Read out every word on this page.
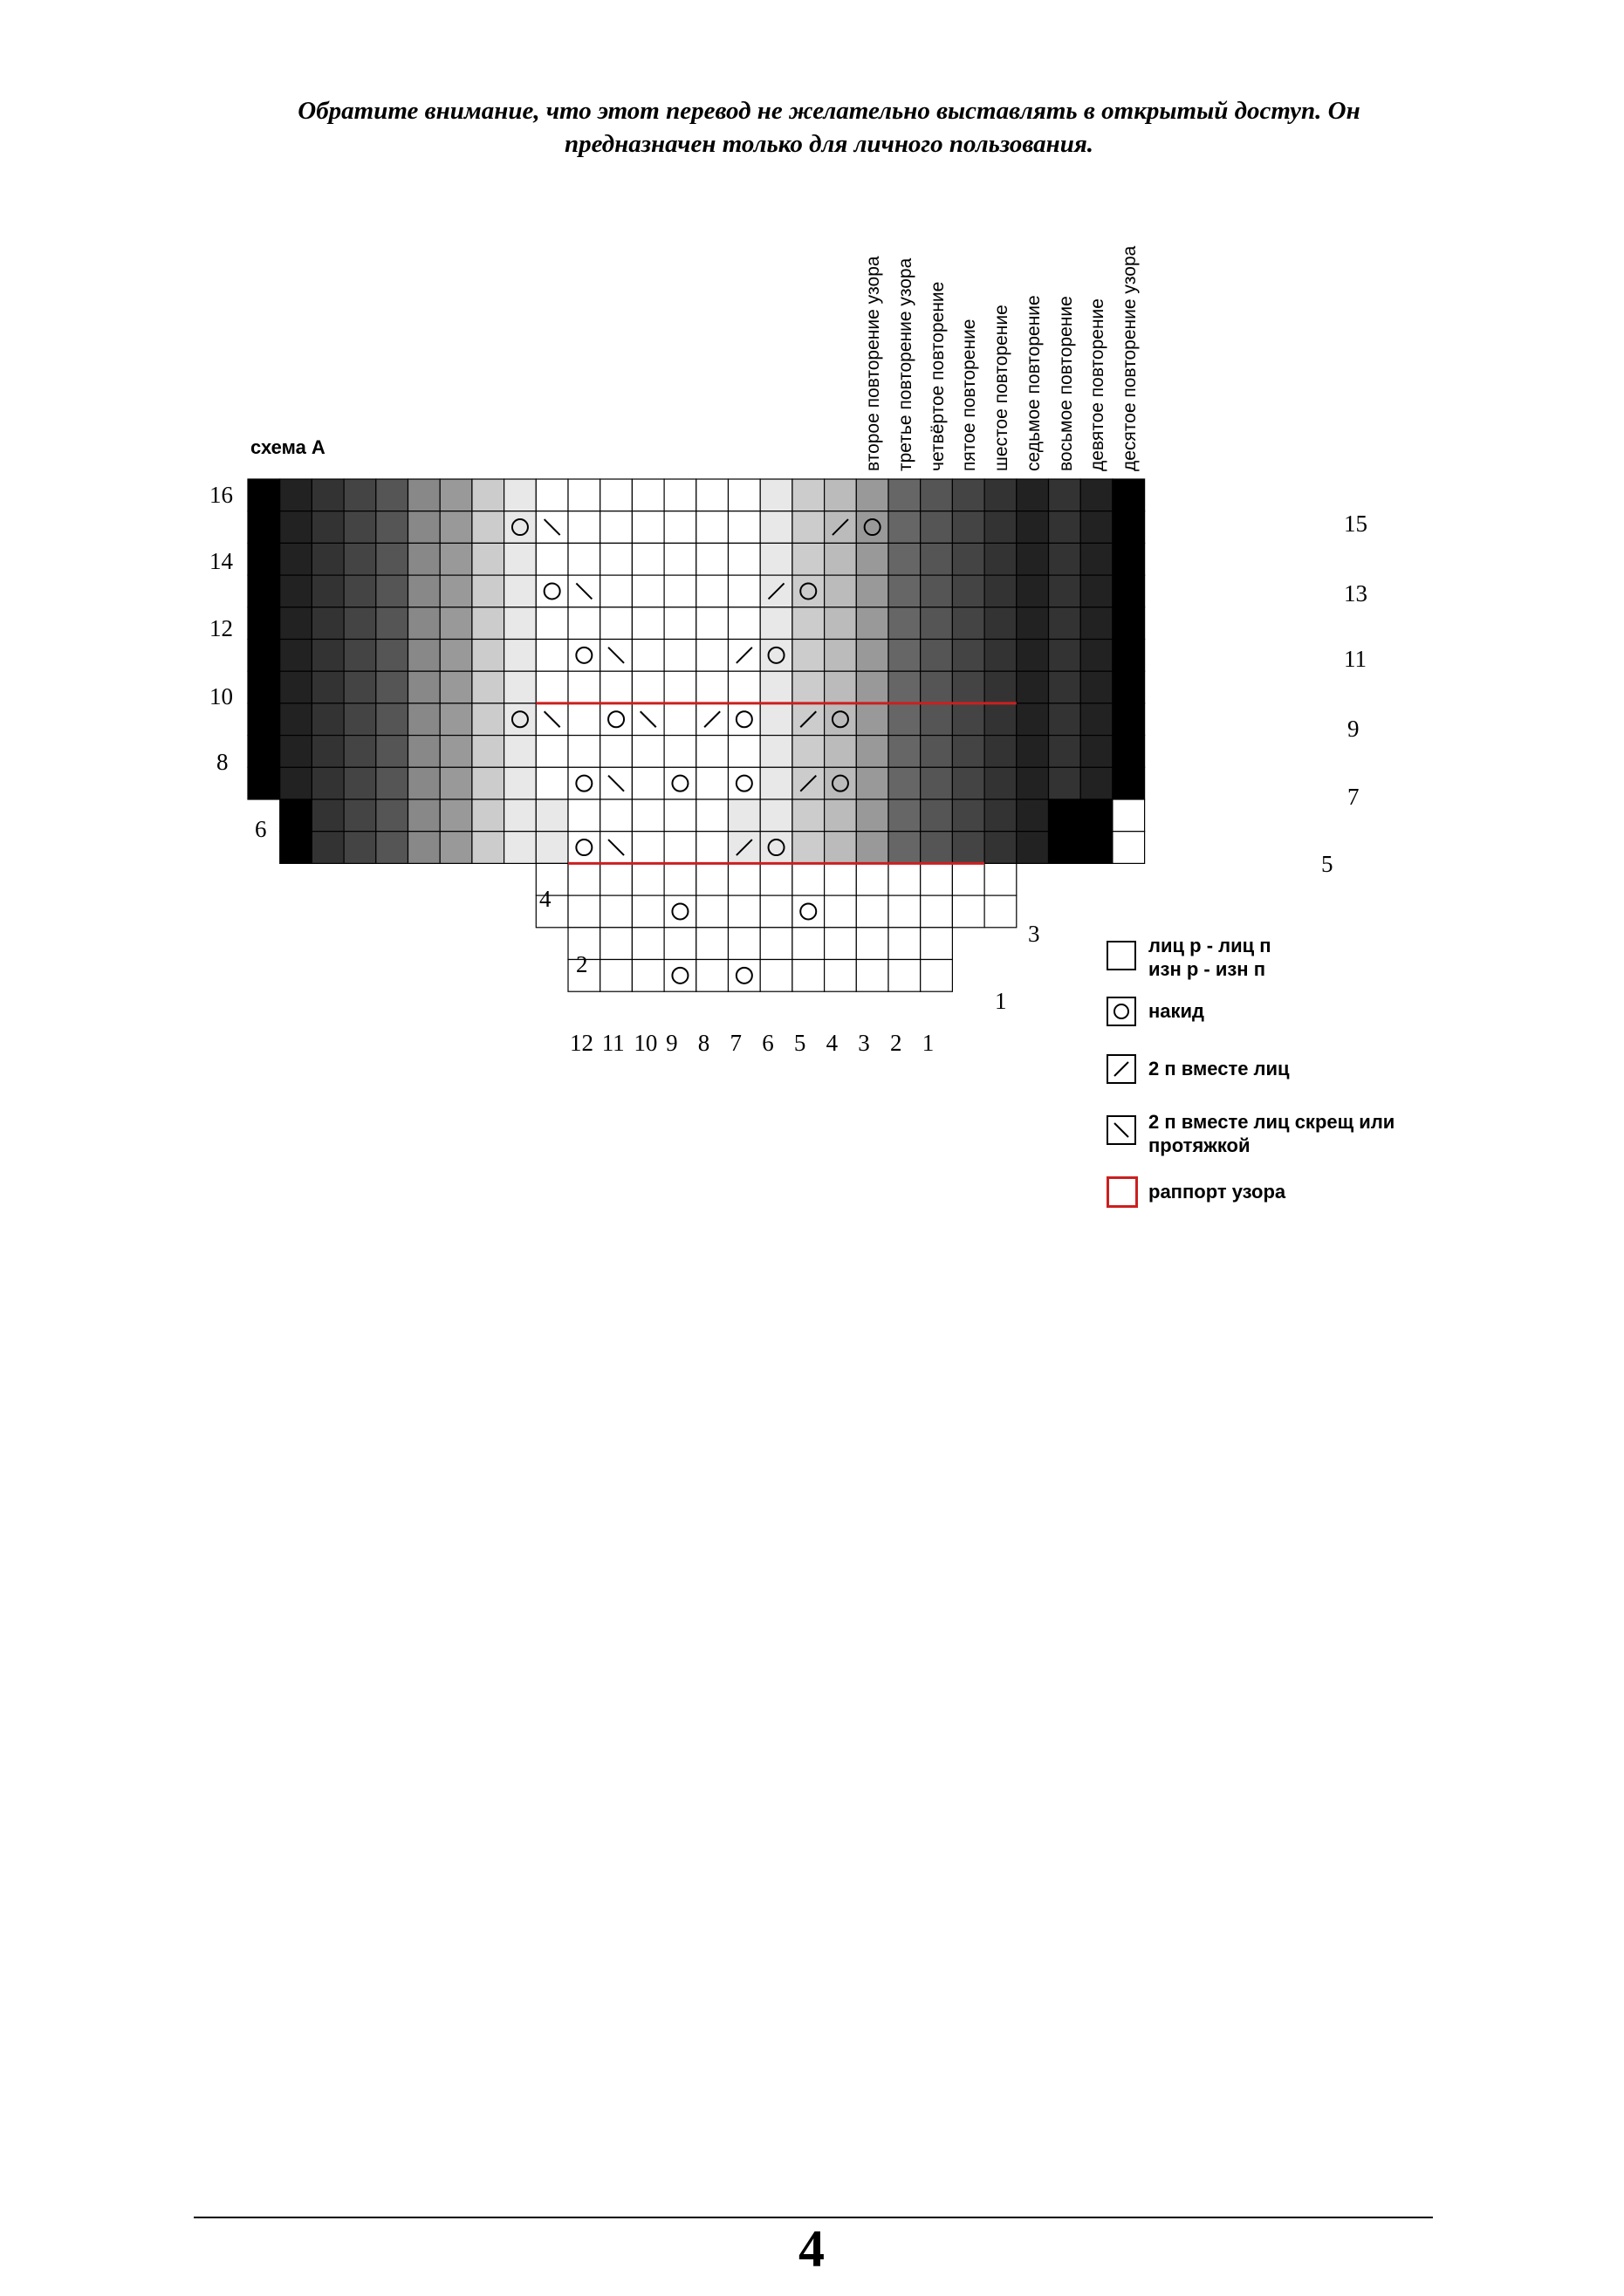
Обратите внимание, что этот перевод не желательно выставлять в открытый доступ. Он
предназначен только для личного пользования.
схема А	второе повторение узора третье повторение узора четвёртое повторение пятое повторение шестое повторение седьмое повторение восьмое повторение девятое повторение десятое повторение узора
16
14
12
10
8
6
4
2
15
13
11
9
7
5
3
1
12 11 10 9 8 7 6 5 4 3 2 1
лиц р - лиц п
изн р - изн п
накид
2 п вместе лиц
2 п вместе лиц скрещ или
протяжкой
раппорт узора
4
